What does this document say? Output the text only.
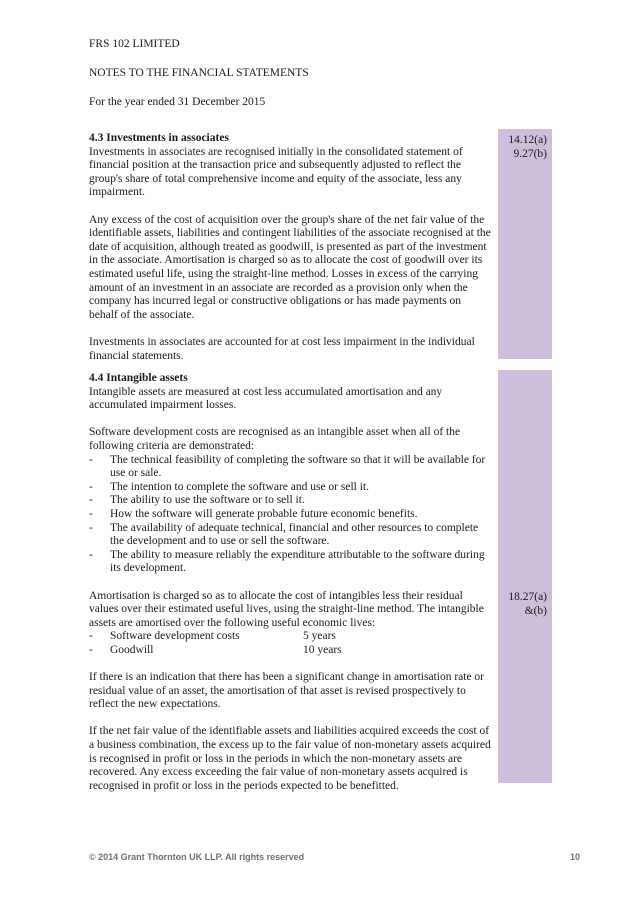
FRS 102 LIMITED
NOTES TO THE FINANCIAL STATEMENTS
For the year ended 31 December 2015
14.12(a)
9.27(b)
18.27(a)
&(b)

4.3 Investments in associates

Investments in associates are recognised initially in the consolidated statement of financial position at the transaction price and subsequently adjusted to reflect the group's share of total comprehensive income and equity of the associate, less any impairment.

Any excess of the cost of acquisition over the group's share of the net fair value of the identifiable assets, liabilities and contingent liabilities of the associate recognised at the date of acquisition, although treated as goodwill, is presented as part of the investment in the associate. Amortisation is charged so as to allocate the cost of goodwill over its estimated useful life, using the straight-line method. Losses in excess of the carrying amount of an investment in an associate are recorded as a provision only when the company has incurred legal or constructive obligations or has made payments on behalf of the associate.

Investments in associates are accounted for at cost less impairment in the individual financial statements.

4.4 Intangible assets

Intangible assets are measured at cost less accumulated amortisation and any accumulated impairment losses.

Software development costs are recognised as an intangible asset when all of the following criteria are demonstrated:

- The technical feasibility of completing the software so that it will be available for use or sale.
- The intention to complete the software and use or sell it.
- The ability to use the software or to sell it.
- How the software will generate probable future economic benefits.
- The availability of adequate technical, financial and other resources to complete the development and to use or sell the software.
- The ability to measure reliably the expenditure attributable to the software during its development.

Amortisation is charged so as to allocate the cost of intangibles less their residual values over their estimated useful lives, using the straight-line method. The intangible assets are amortised over the following useful economic lives:

- Software development costs	5 years
- Goodwill	10 years

If there is an indication that there has been a significant change in amortisation rate or residual value of an asset, the amortisation of that asset is revised prospectively to reflect the new expectations.

If the net fair value of the identifiable assets and liabilities acquired exceeds the cost of a business combination, the excess up to the fair value of non-monetary assets acquired is recognised in profit or loss in the periods in which the non-monetary assets are recovered. Any excess exceeding the fair value of non-monetary assets acquired is recognised in profit or loss in the periods expected to be benefitted.

© 2014 Grant Thornton UK LLP. All rights reserved	10
